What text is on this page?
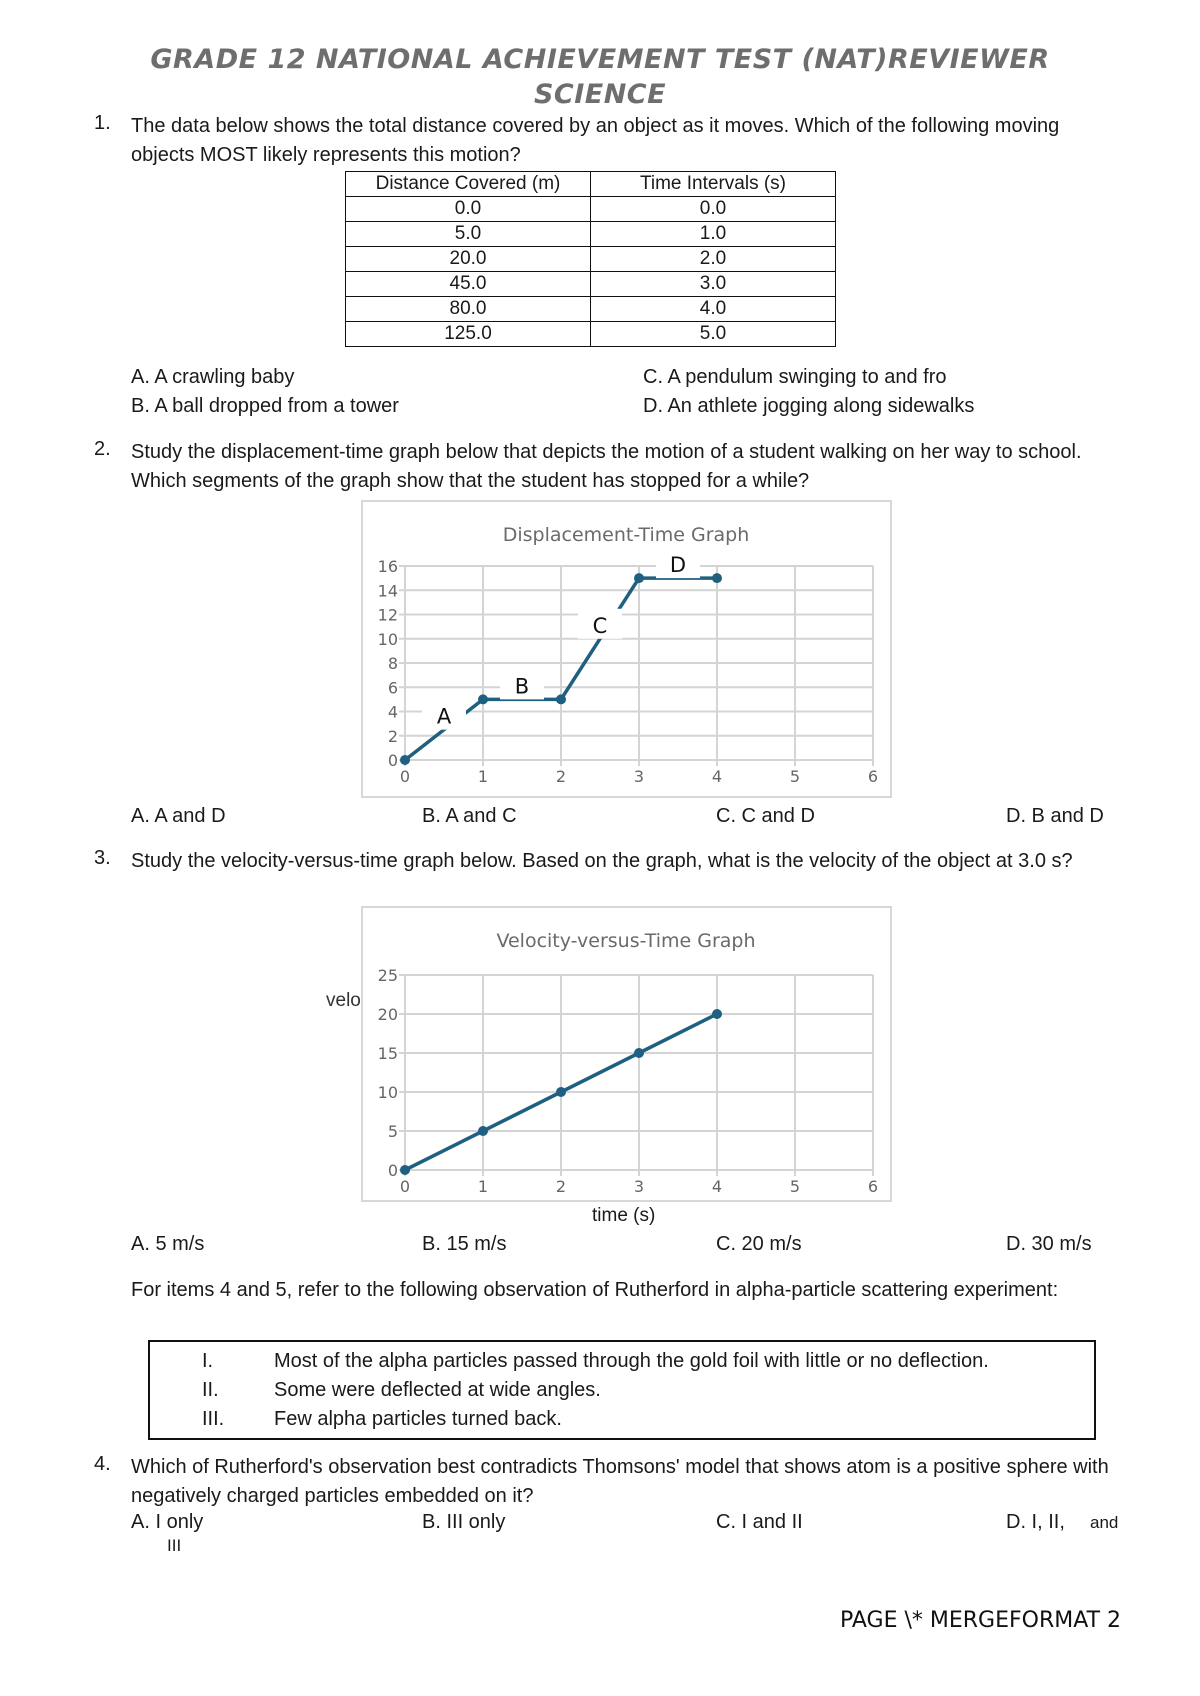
GRADE 12 NATIONAL ACHIEVEMENT TEST (NAT)REVIEWER
SCIENCE
1. The data below shows the total distance covered by an object as it moves. Which of the following moving objects MOST likely represents this motion?
Distance Covered (m)	Time Intervals (s)
0.0	0.0
5.0	1.0
20.0	2.0
45.0	3.0
80.0	4.0
125.0	5.0
A. A crawling baby	C. A pendulum swinging to and fro
B. A ball dropped from a tower	D. An athlete jogging along sidewalks
2. Study the displacement-time graph below that depicts the motion of a student walking on her way to school. Which segments of the graph show that the student has stopped for a while?
Displacement-Time Graph
0	1	2	3	4	5	6
0
2
4
6
8
10
12
14
16
A
B
C
D
A. A and D	B. A and C	C. C and D	D. B and D
3. Study the velocity-versus-time graph below. Based on the graph, what is the velocity of the object at 3.0 s?
velo
Velocity-versus-Time Graph
0	1	2	3	4	5	6
0
5
10
15
20
25
time (s)
A. 5 m/s	B. 15 m/s	C. 20 m/s	D. 30 m/s
For items 4 and 5, refer to the following observation of Rutherford in alpha-particle scattering experiment:
I.	Most of the alpha particles passed through the gold foil with little or no deflection.
II.	Some were deflected at wide angles.
III. Few alpha particles turned back.
4. Which of Rutherford's observation best contradicts Thomsons' model that shows atom is a positive sphere with negatively charged particles embedded on it?
A. I only	B. III only	C. I and II	D. I, II, and
III
PAGE \* MERGEFORMAT 2
